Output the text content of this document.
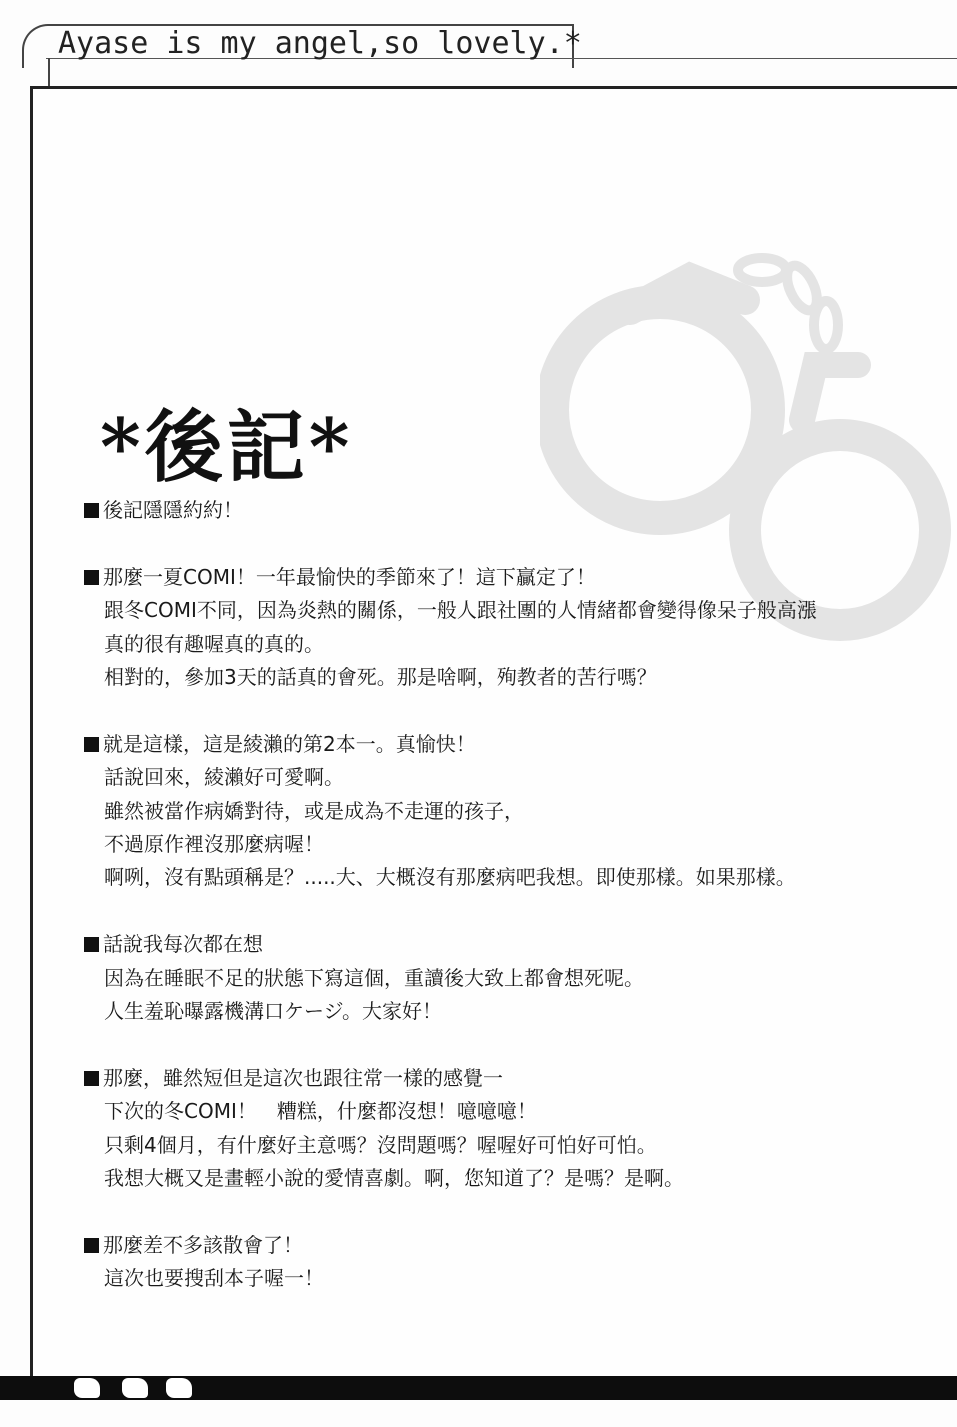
Ayase is my angel,so lovely.*
*後記*
後記隱隱約約！
那麼一夏COMI！一年最愉快的季節來了！這下贏定了！
跟冬COMI不同，因為炎熱的關係，一般人跟社團的人情緒都會變得像呆子般高漲
真的很有趣喔真的真的。
相對的，參加3天的話真的會死。那是啥啊，殉教者的苦行嗎？
就是這樣，這是綾瀨的第2本一。真愉快！
話說回來，綾瀨好可愛啊。
雖然被當作病嬌對待，或是成為不走運的孩子，
不過原作裡沒那麼病喔！
啊咧，沒有點頭稱是？.....大、大概沒有那麼病吧我想。即使那樣。如果那樣。
話說我每次都在想
因為在睡眠不足的狀態下寫這個，重讀後大致上都會想死呢。
人生羞恥曝露機溝口ケージ。大家好！
那麼，雖然短但是這次也跟往常一樣的感覺一
下次的冬COMI！　糟糕，什麼都沒想！噫噫噫！
只剩4個月，有什麼好主意嗎？沒問題嗎？喔喔好可怕好可怕。
我想大概又是畫輕小說的愛情喜劇。啊，您知道了？是嗎？是啊。
那麼差不多該散會了！
這次也要搜刮本子喔一！
